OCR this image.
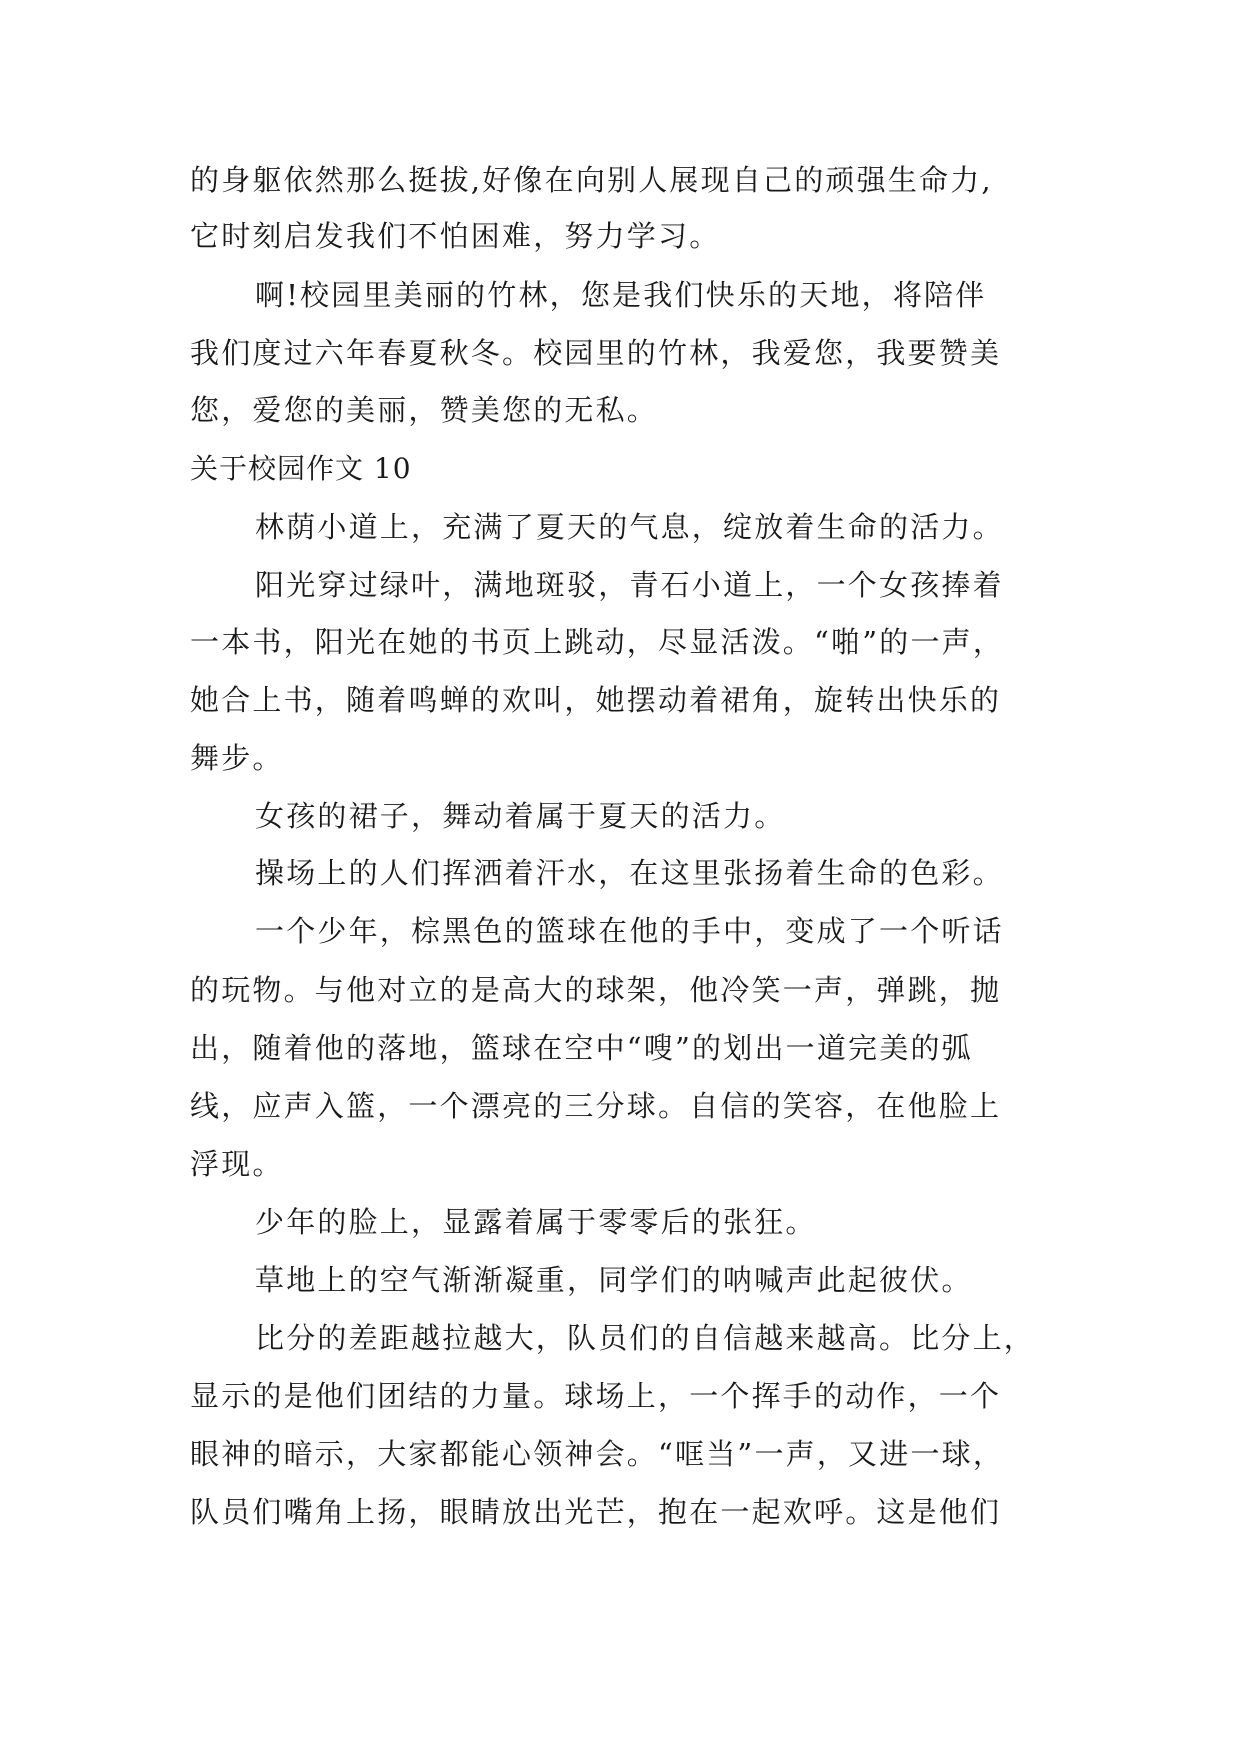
的身躯依然那么挺拔,好像在向别人展现自己的顽强生命力,
它时刻启发我们不怕困难，努力学习。
啊!校园里美丽的竹林，您是我们快乐的天地，将陪伴
我们度过六年春夏秋冬。校园里的竹林，我爱您，我要赞美
您，爱您的美丽，赞美您的无私。
关于校园作文 10
林荫小道上，充满了夏天的气息，绽放着生命的活力。
阳光穿过绿叶，满地斑驳，青石小道上，一个女孩捧着
一本书，阳光在她的书页上跳动，尽显活泼。“啪”的一声，
她合上书，随着鸣蝉的欢叫，她摆动着裙角，旋转出快乐的
舞步。
女孩的裙子，舞动着属于夏天的活力。
操场上的人们挥洒着汗水，在这里张扬着生命的色彩。
一个少年，棕黑色的篮球在他的手中，变成了一个听话
的玩物。与他对立的是高大的球架，他冷笑一声，弹跳，抛
出，随着他的落地，篮球在空中“嗖”的划出一道完美的弧
线，应声入篮，一个漂亮的三分球。自信的笑容，在他脸上
浮现。
少年的脸上，显露着属于零零后的张狂。
草地上的空气渐渐凝重，同学们的呐喊声此起彼伏。
比分的差距越拉越大，队员们的自信越来越高。比分上，
显示的是他们团结的力量。球场上，一个挥手的动作，一个
眼神的暗示，大家都能心领神会。“哐当”一声，又进一球，
队员们嘴角上扬，眼睛放出光芒，抱在一起欢呼。这是他们
